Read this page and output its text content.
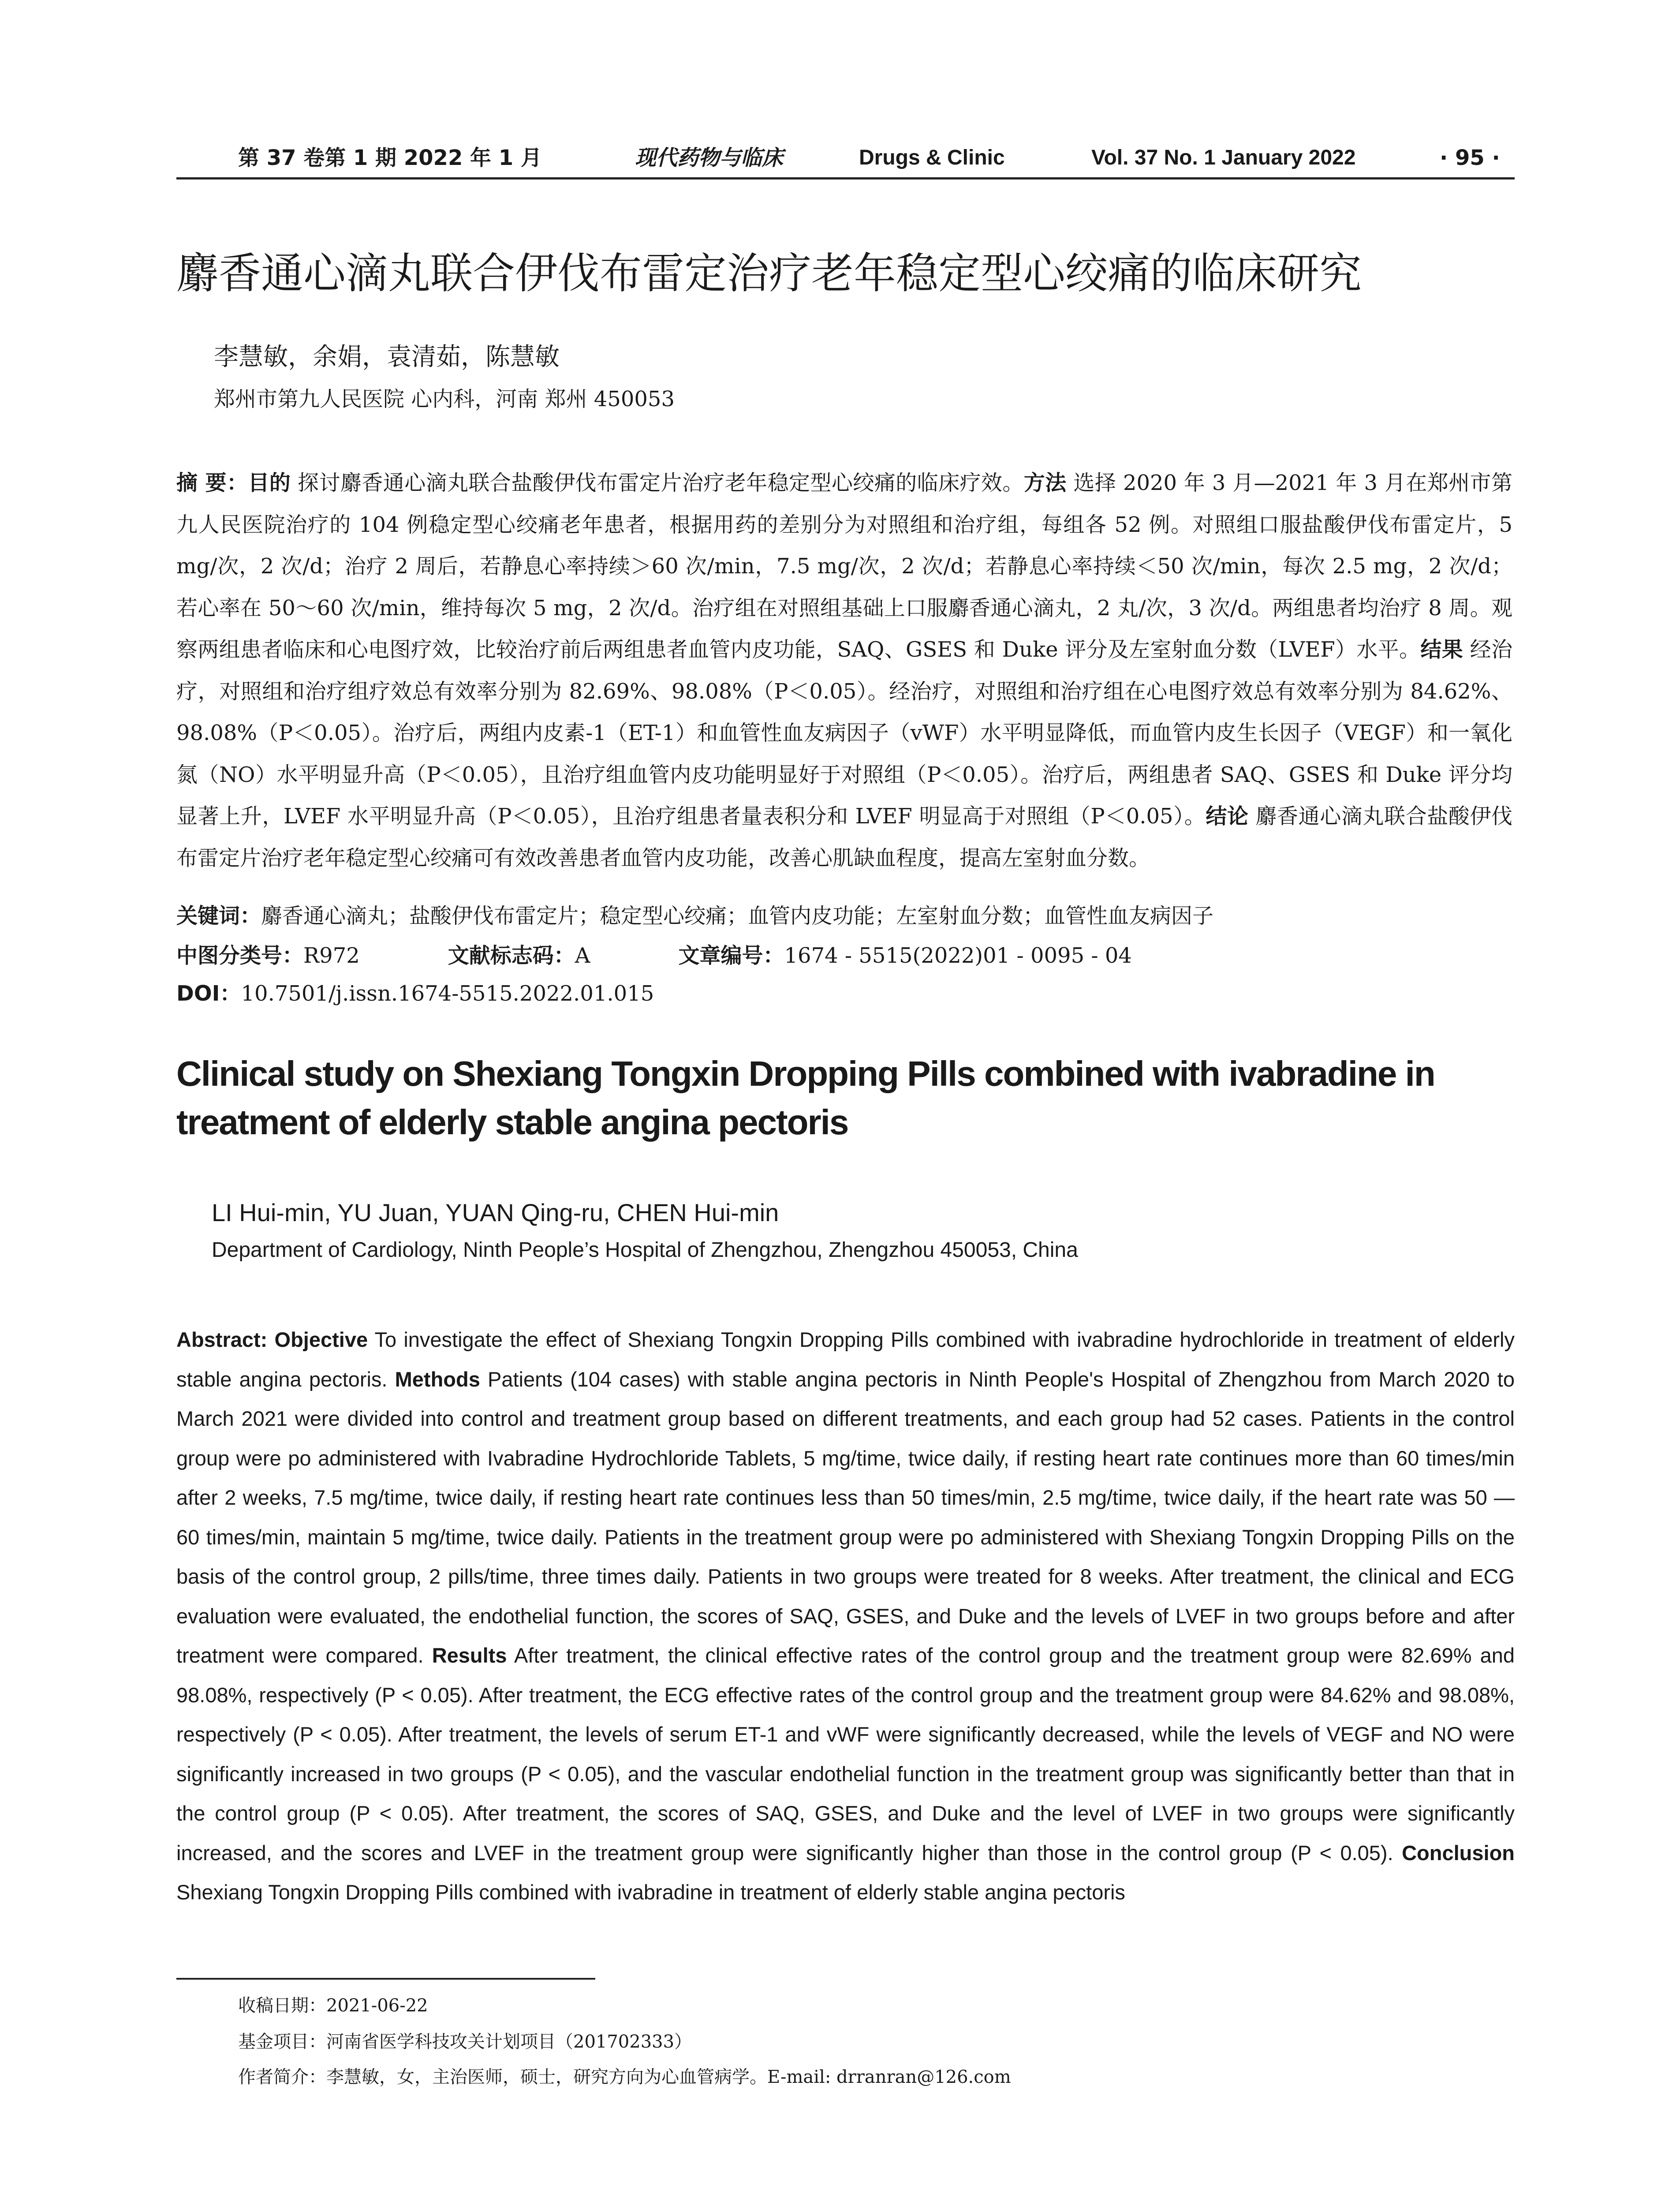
第 37 卷第 1 期 2022 年 1 月	现代药物与临床	Drugs & Clinic	Vol. 37 No. 1 January 2022	· 95 ·
麝香通心滴丸联合伊伐布雷定治疗老年稳定型心绞痛的临床研究
李慧敏，余娟，袁清茹，陈慧敏
郑州市第九人民医院 心内科，河南 郑州 450053
摘 要：目的 探讨麝香通心滴丸联合盐酸伊伐布雷定片治疗老年稳定型心绞痛的临床疗效。方法 选择 2020 年 3 月—2021 年 3 月在郑州市第九人民医院治疗的 104 例稳定型心绞痛老年患者，根据用药的差别分为对照组和治疗组，每组各 52 例。对照组口服盐酸伊伐布雷定片，5 mg/次，2 次/d；治疗 2 周后，若静息心率持续＞60 次/min，7.5 mg/次，2 次/d；若静息心率持续＜50 次/min，每次 2.5 mg，2 次/d；若心率在 50～60 次/min，维持每次 5 mg，2 次/d。治疗组在对照组基础上口服麝香通心滴丸，2 丸/次，3 次/d。两组患者均治疗 8 周。观察两组患者临床和心电图疗效，比较治疗前后两组患者血管内皮功能，SAQ、GSES 和 Duke 评分及左室射血分数（LVEF）水平。结果 经治疗，对照组和治疗组疗效总有效率分别为 82.69%、98.08%（P＜0.05）。经治疗，对照组和治疗组在心电图疗效总有效率分别为 84.62%、98.08%（P＜0.05）。治疗后，两组内皮素-1（ET-1）和血管性血友病因子（vWF）水平明显降低，而血管内皮生长因子（VEGF）和一氧化氮（NO）水平明显升高（P＜0.05），且治疗组血管内皮功能明显好于对照组（P＜0.05）。治疗后，两组患者 SAQ、GSES 和 Duke 评分均显著上升，LVEF 水平明显升高（P＜0.05），且治疗组患者量表积分和 LVEF 明显高于对照组（P＜0.05）。结论 麝香通心滴丸联合盐酸伊伐布雷定片治疗老年稳定型心绞痛可有效改善患者血管内皮功能，改善心肌缺血程度，提高左室射血分数。
关键词：麝香通心滴丸；盐酸伊伐布雷定片；稳定型心绞痛；血管内皮功能；左室射血分数；血管性血友病因子
中图分类号：R972	文献标志码：A	文章编号：1674 - 5515(2022)01 - 0095 - 04
DOI：10.7501/j.issn.1674-5515.2022.01.015
Clinical study on Shexiang Tongxin Dropping Pills combined with ivabradine in treatment of elderly stable angina pectoris
LI Hui-min, YU Juan, YUAN Qing-ru, CHEN Hui-min
Department of Cardiology, Ninth People’s Hospital of Zhengzhou, Zhengzhou 450053, China
Abstract: Objective To investigate the effect of Shexiang Tongxin Dropping Pills combined with ivabradine hydrochloride in treatment of elderly stable angina pectoris. Methods Patients (104 cases) with stable angina pectoris in Ninth People's Hospital of Zhengzhou from March 2020 to March 2021 were divided into control and treatment group based on different treatments, and each group had 52 cases. Patients in the control group were po administered with Ivabradine Hydrochloride Tablets, 5 mg/time, twice daily, if resting heart rate continues more than 60 times/min after 2 weeks, 7.5 mg/time, twice daily, if resting heart rate continues less than 50 times/min, 2.5 mg/time, twice daily, if the heart rate was 50 — 60 times/min, maintain 5 mg/time, twice daily. Patients in the treatment group were po administered with Shexiang Tongxin Dropping Pills on the basis of the control group, 2 pills/time, three times daily. Patients in two groups were treated for 8 weeks. After treatment, the clinical and ECG evaluation were evaluated, the endothelial function, the scores of SAQ, GSES, and Duke and the levels of LVEF in two groups before and after treatment were compared. Results After treatment, the clinical effective rates of the control group and the treatment group were 82.69% and 98.08%, respectively (P < 0.05). After treatment, the ECG effective rates of the control group and the treatment group were 84.62% and 98.08%, respectively (P < 0.05). After treatment, the levels of serum ET-1 and vWF were significantly decreased, while the levels of VEGF and NO were significantly increased in two groups (P < 0.05), and the vascular endothelial function in the treatment group was significantly better than that in the control group (P < 0.05). After treatment, the scores of SAQ, GSES, and Duke and the level of LVEF in two groups were significantly increased, and the scores and LVEF in the treatment group were significantly higher than those in the control group (P < 0.05). Conclusion Shexiang Tongxin Dropping Pills combined with ivabradine in treatment of elderly stable angina pectoris
收稿日期：2021-06-22
基金项目：河南省医学科技攻关计划项目（201702333）
作者简介：李慧敏，女，主治医师，硕士，研究方向为心血管病学。E-mail: drranran@126.com
